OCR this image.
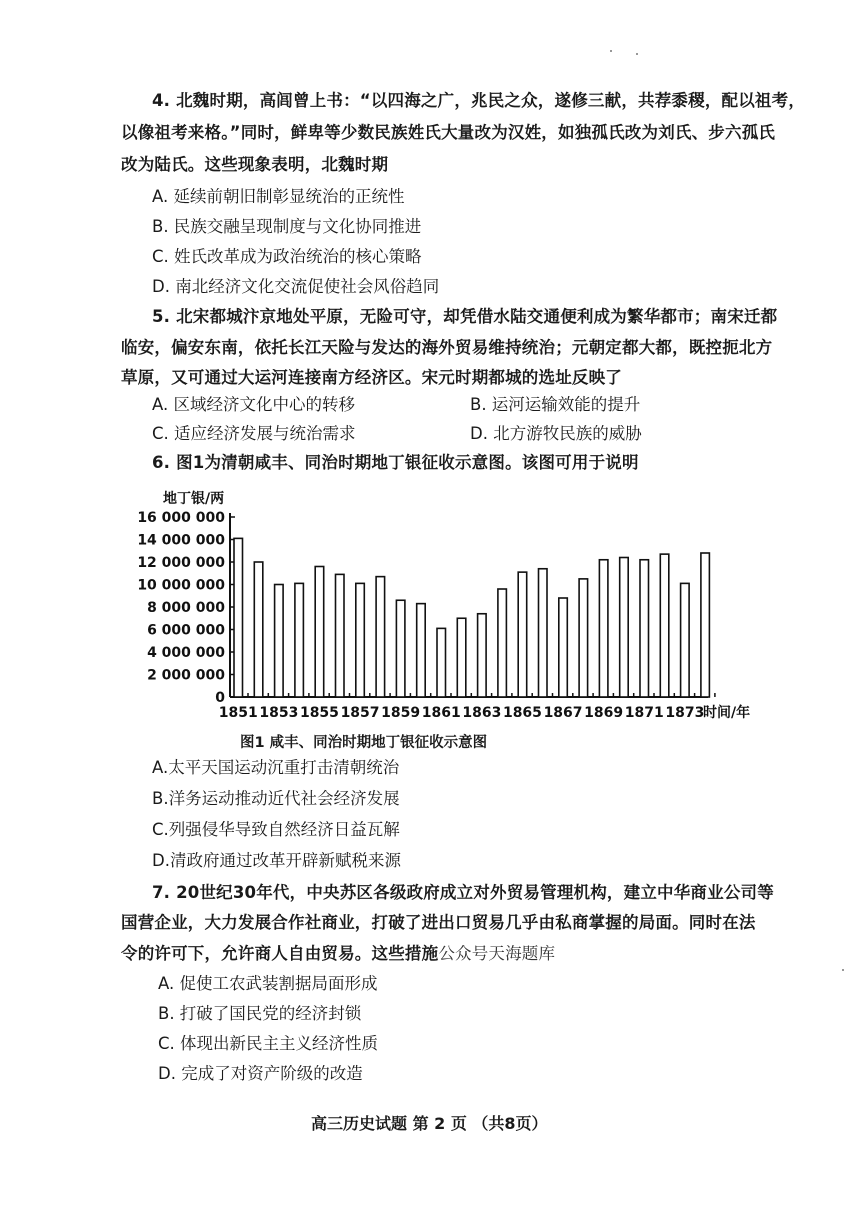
4. 北魏时期，高闾曾上书：“以四海之广，兆民之众，遂修三献，共荐黍稷，配以祖考，
以像祖考来格。”同时，鲜卑等少数民族姓氏大量改为汉姓，如独孤氏改为刘氏、步六孤氏
改为陆氏。这些现象表明，北魏时期
A. 延续前朝旧制彰显统治的正统性
B. 民族交融呈现制度与文化协同推进
C. 姓氏改革成为政治统治的核心策略
D. 南北经济文化交流促使社会风俗趋同
5. 北宋都城汴京地处平原，无险可守，却凭借水陆交通便利成为繁华都市；南宋迁都
临安，偏安东南，依托长江天险与发达的海外贸易维持统治；元朝定都大都，既控扼北方
草原，又可通过大运河连接南方经济区。宋元时期都城的选址反映了
A. 区域经济文化中心的转移	B. 运河运输效能的提升
C. 适应经济发展与统治需求	D. 北方游牧民族的威胁
6. 图1为清朝咸丰、同治时期地丁银征收示意图。该图可用于说明
16 000 000
14 000 000
12 000 000
10 000 000
8 000 000
6 000 000
4 000 000
2 000 000
0
地丁银/两
1851 1853 1855 1857 1859 1861 1863 1865 1867 1869 1871 1873
时间/年
图1 咸丰、同治时期地丁银征收示意图
A.太平天国运动沉重打击清朝统治
B.洋务运动推动近代社会经济发展
C.列强侵华导致自然经济日益瓦解
D.清政府通过改革开辟新赋税来源
7. 20世纪30年代，中央苏区各级政府成立对外贸易管理机构，建立中华商业公司等
国营企业，大力发展合作社商业，打破了进出口贸易几乎由私商掌握的局面。同时在法
令的许可下，允许商人自由贸易。这些措施公众号天海题库
A. 促使工农武装割据局面形成
B. 打破了国民党的经济封锁
C. 体现出新民主主义经济性质
D. 完成了对资产阶级的改造
高三历史试题 第 2 页 （共8页）
